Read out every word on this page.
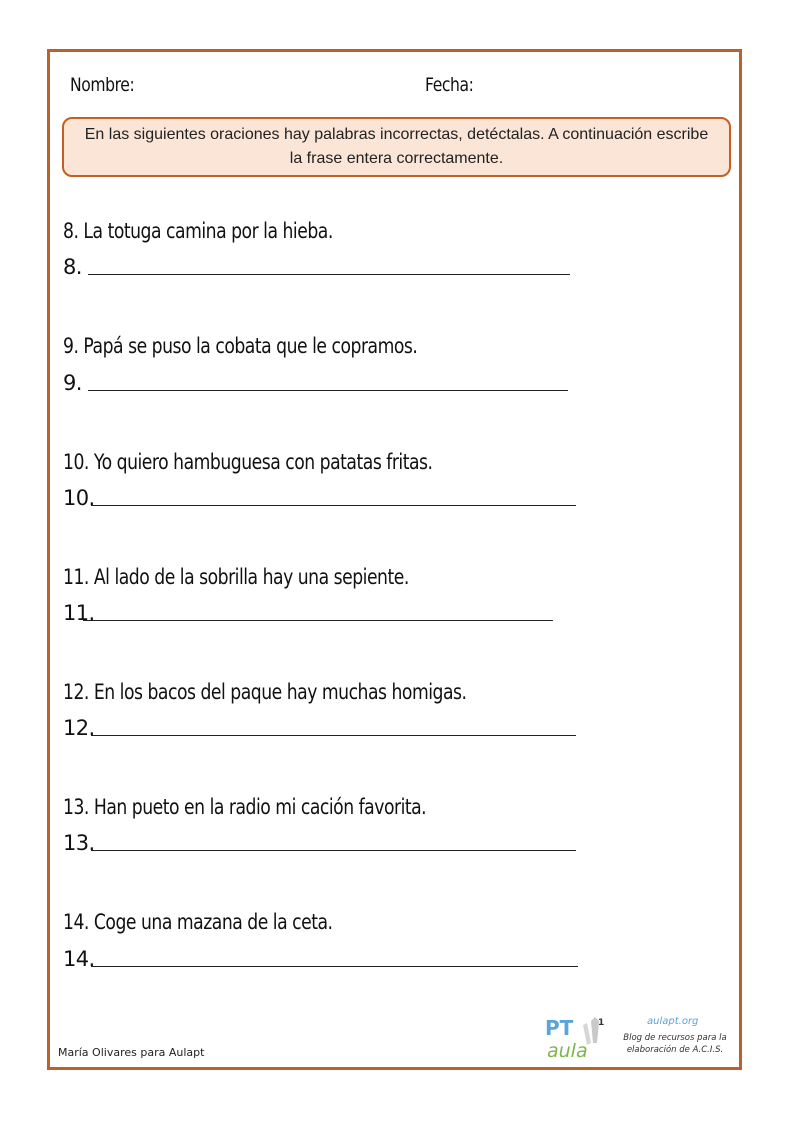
Nombre:	Fecha:
En las siguientes oraciones hay palabras incorrectas, detéctalas. A continuación escribe la frase entera correctamente.
8. La totuga camina por la hieba.
8.
9. Papá se puso la cobata que le copramos.
9.
10. Yo quiero hambuguesa con patatas fritas.
10.
11. Al lado de la sobrilla hay una sepiente.
11.
12. En los bacos del paque hay muchas homigas.
12.
13. Han pueto en la radio mi cación favorita.
13.
14. Coge una mazana de la ceta.
14.
María Olivares para Aulapt
PT
aula
1	aulapt.org
Blog de recursos para la elaboración de A.C.I.S.
